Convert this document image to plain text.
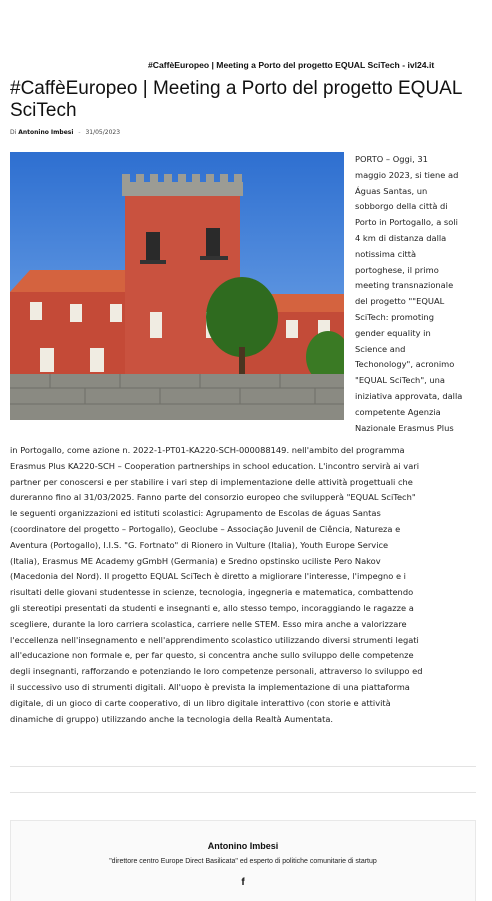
#CaffèEuropeo | Meeting a Porto del progetto EQUAL SciTech - ivl24.it
#CaffèEuropeo | Meeting a Porto del progetto EQUAL SciTech
Di Antonino Imbesi - 31/05/2023
PORTO – Oggi, 31
maggio 2023, si tiene ad
Águas Santas, un
sobborgo della città di
Porto in Portogallo, a soli
4 km di distanza dalla
notissima città
portoghese, il primo
meeting transnazionale
del progetto ""EQUAL
SciTech: promoting
gender equality in
Science and
Techonology", acronimo
"EQUAL SciTech", una
iniziativa approvata, dalla
competente Agenzia
Nazionale Erasmus Plus
in Portogallo, come azione n. 2022-1-PT01-KA220-SCH-000088149. nell'ambito del programma
Erasmus Plus KA220-SCH – Cooperation partnerships in school education. L'incontro servirà ai vari
partner per conoscersi e per stabilire i vari step di implementazione delle attività progettuali che
dureranno fino al 31/03/2025. Fanno parte del consorzio europeo che svilupperà "EQUAL SciTech"
le seguenti organizzazioni ed istituti scolastici: Agrupamento de Escolas de águas Santas
(coordinatore del progetto – Portogallo), Geoclube – Associação Juvenil de Ciência, Natureza e
Aventura (Portogallo), I.I.S. "G. Fortnato" di Rionero in Vulture (Italia), Youth Europe Service
(Italia), Erasmus ME Academy gGmbH (Germania) e Sredno opstinsko uciliste Pero Nakov
(Macedonia del Nord). Il progetto EQUAL SciTech è diretto a migliorare l'interesse, l'impegno e i
risultati delle giovani studentesse in scienze, tecnologia, ingegneria e matematica, combattendo
gli stereotipi presentati da studenti e insegnanti e, allo stesso tempo, incoraggiando le ragazze a
scegliere, durante la loro carriera scolastica, carriere nelle STEM. Esso mira anche a valorizzare
l'eccellenza nell'insegnamento e nell'apprendimento scolastico utilizzando diversi strumenti legati
all'educazione non formale e, per far questo, si concentra anche sullo sviluppo delle competenze
degli insegnanti, rafforzando e potenziando le loro competenze personali, attraverso lo sviluppo ed
il successivo uso di strumenti digitali. All'uopo è prevista la implementazione di una piattaforma
digitale, di un gioco di carte cooperativo, di un libro digitale interattivo (con storie e attività
dinamiche di gruppo) utilizzando anche la tecnologia della Realtà Aumentata.
Antonino Imbesi
"direttore centro Europe Direct Basilicata" ed esperto di politiche comunitarie di startup
f
